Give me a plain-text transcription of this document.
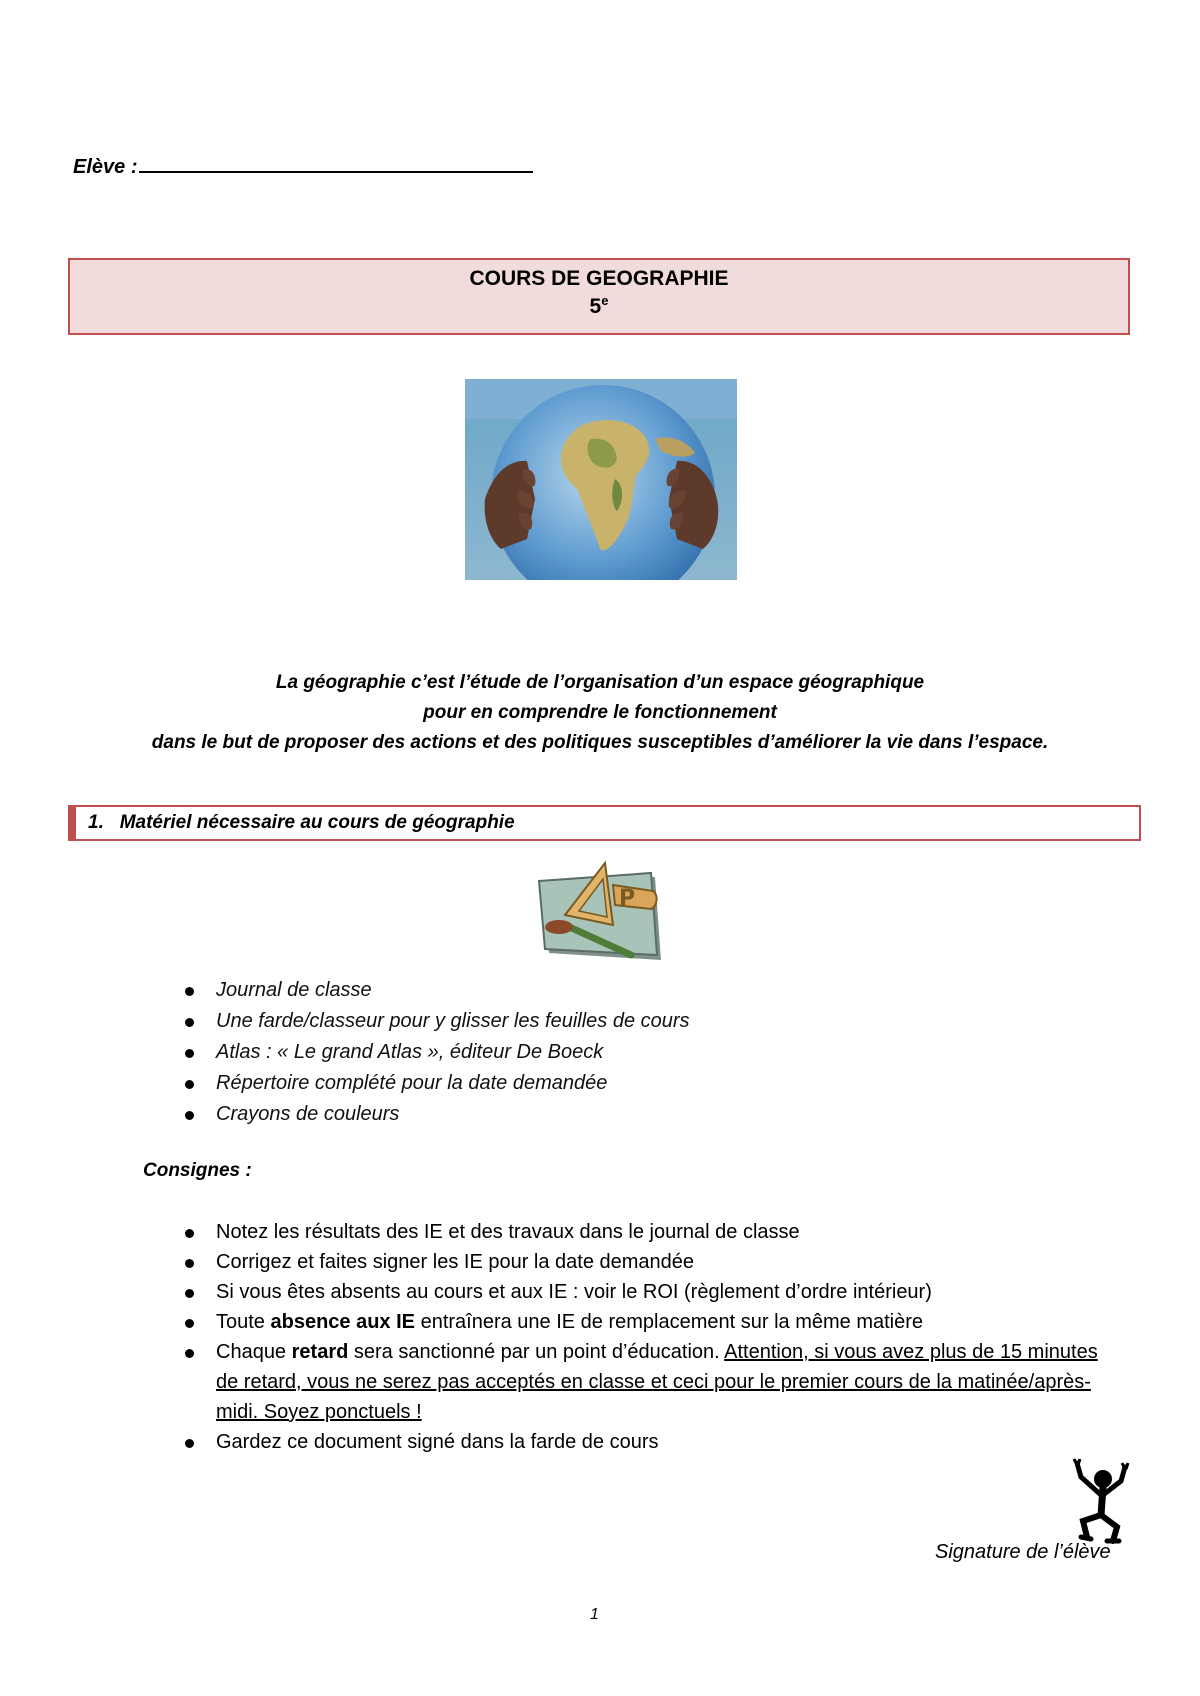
Elève :
COURS DE GEOGRAPHIE
5e
La géographie c’est l’étude de l’organisation d’un espace géographique
pour en comprendre le fonctionnement
dans le but de proposer des actions et des politiques susceptibles d’améliorer la vie dans l’espace.
1. Matériel nécessaire au cours de géographie
P
Journal de classe
Une farde/classeur pour y glisser les feuilles de cours
Atlas : « Le grand Atlas », éditeur De Boeck
Répertoire complété pour la date demandée
Crayons de couleurs
Consignes :
Notez les résultats des IE et des travaux dans le journal de classe
Corrigez et faites signer les IE pour la date demandée
Si vous êtes absents au cours et aux IE : voir le ROI (règlement d’ordre intérieur)
Toute absence aux IE entraînera une IE de remplacement sur la même matière
Chaque retard sera sanctionné par un point d’éducation. Attention, si vous avez plus de 15 minutes de retard, vous ne serez pas acceptés en classe et ceci pour le premier cours de la matinée/après-midi. Soyez ponctuels !
Gardez ce document signé dans la farde de cours
Signature de l’élève
1
